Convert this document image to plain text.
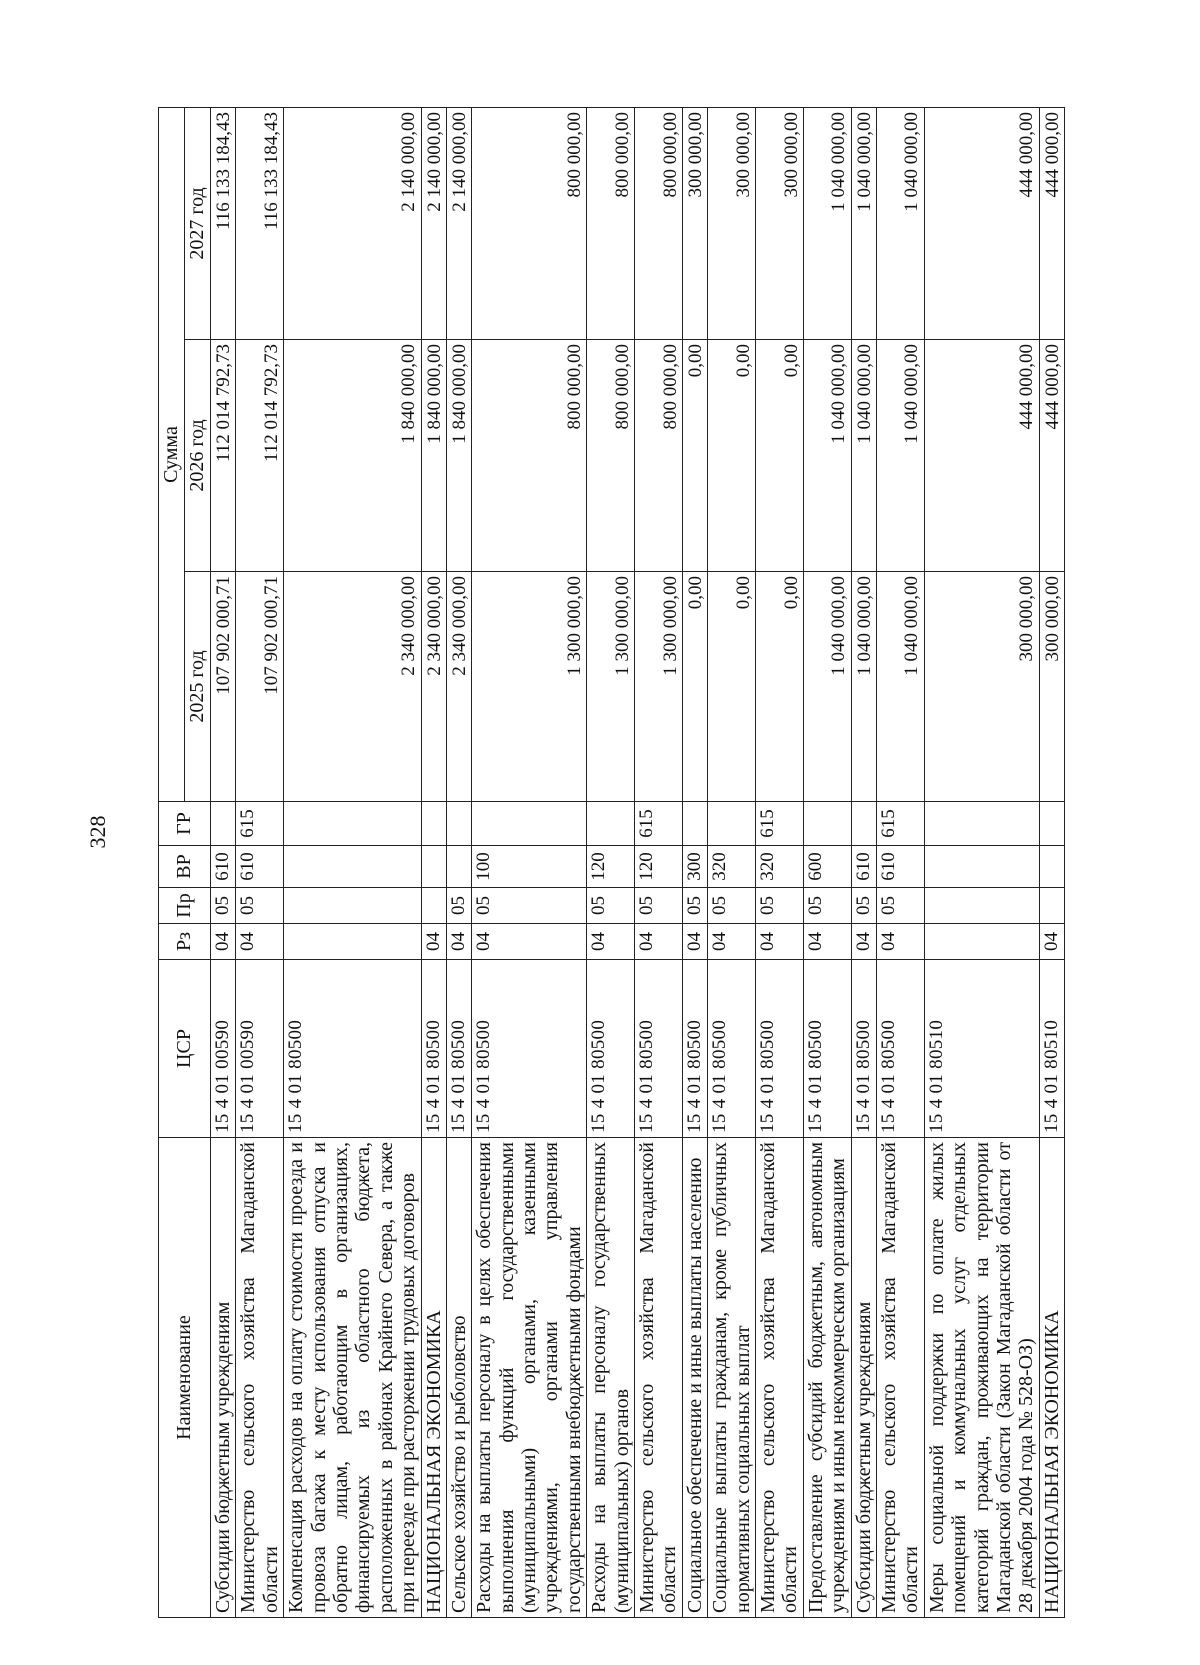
328
Наименование	ЦСР	Рз	Пр	ВР	ГР	Сумма		
						2025 год	2026 год	2027 год
Субсидии бюджетным учреждениям	15 4 01 00590	04	05	610		107 902 000,71	112 014 792,73	116 133 184,43
Министерство сельского хозяйства Магаданской области	15 4 01 00590	04	05	610	615	107 902 000,71	112 014 792,73	116 133 184,43
Компенсация расходов на оплату стоимости проезда и провоза багажа к месту использования отпуска и обратно лицам, работающим в организациях, финансируемых из областного бюджета, расположенных в районах Крайнего Севера, а также при переезде при расторжении трудовых договоров	15 4 01 80500					2 340 000,00	1 840 000,00	2 140 000,00
НАЦИОНАЛЬНАЯ ЭКОНОМИКА	15 4 01 80500	04				2 340 000,00	1 840 000,00	2 140 000,00
Сельское хозяйство и рыболовство	15 4 01 80500	04	05			2 340 000,00	1 840 000,00	2 140 000,00
Расходы на выплаты персоналу в целях обеспечения выполнения функций государственными (муниципальными) органами, казенными учреждениями, органами управления государственными внебюджетными фондами	15 4 01 80500	04	05	100		1 300 000,00	800 000,00	800 000,00
Расходы на выплаты персоналу государственных (муниципальных) органов	15 4 01 80500	04	05	120		1 300 000,00	800 000,00	800 000,00
Министерство сельского хозяйства Магаданской области	15 4 01 80500	04	05	120	615	1 300 000,00	800 000,00	800 000,00
Социальное обеспечение и иные выплаты населению	15 4 01 80500	04	05	300		0,00	0,00	300 000,00
Социальные выплаты гражданам, кроме публичных нормативных социальных выплат	15 4 01 80500	04	05	320		0,00	0,00	300 000,00
Министерство сельского хозяйства Магаданской области	15 4 01 80500	04	05	320	615	0,00	0,00	300 000,00
Предоставление субсидий бюджетным, автономным учреждениям и иным некоммерческим организациям	15 4 01 80500	04	05	600		1 040 000,00	1 040 000,00	1 040 000,00
Субсидии бюджетным учреждениям	15 4 01 80500	04	05	610		1 040 000,00	1 040 000,00	1 040 000,00
Министерство сельского хозяйства Магаданской области	15 4 01 80500	04	05	610	615	1 040 000,00	1 040 000,00	1 040 000,00
Меры социальной поддержки по оплате жилых помещений и коммунальных услуг отдельных категорий граждан, проживающих на территории Магаданской области (Закон Магаданской области от 28 декабря 2004 года № 528-ОЗ)	15 4 01 80510					300 000,00	444 000,00	444 000,00
НАЦИОНАЛЬНАЯ ЭКОНОМИКА	15 4 01 80510	04				300 000,00	444 000,00	444 000,00
